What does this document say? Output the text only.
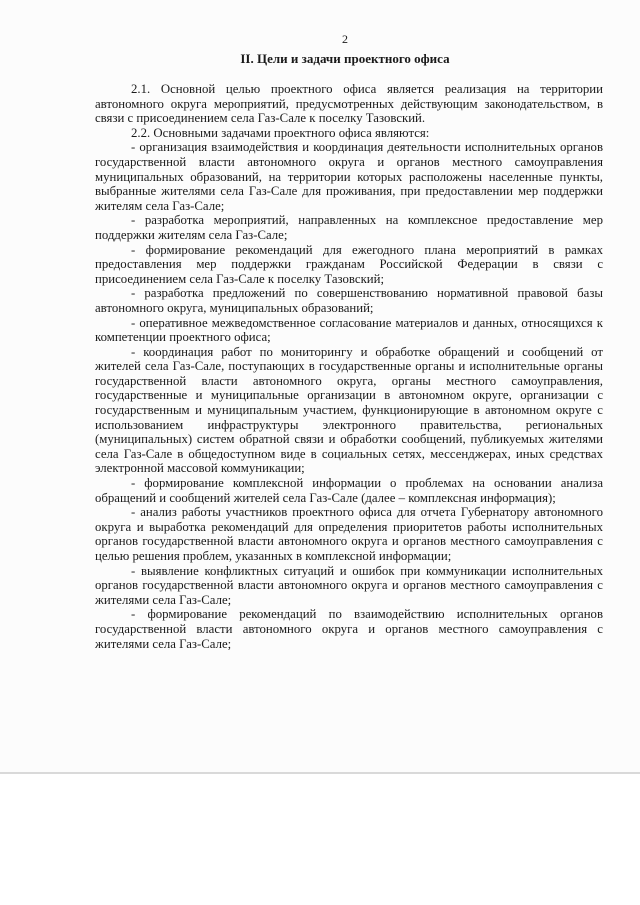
2
II. Цели и задачи проектного офиса

2.1. Основной целью проектного офиса является реализация на территории автономного округа мероприятий, предусмотренных действующим законодательством, в связи с присоединением села Газ-Сале к поселку Тазовский.

2.2. Основными задачами проектного офиса являются:

- организация взаимодействия и координация деятельности исполнительных органов государственной власти автономного округа и органов местного самоуправления муниципальных образований, на территории которых расположены населенные пункты, выбранные жителями села Газ-Сале для проживания, при предоставлении мер поддержки жителям села Газ-Сале;

- разработка мероприятий, направленных на комплексное предоставление мер поддержки жителям села Газ-Сале;

- формирование рекомендаций для ежегодного плана мероприятий в рамках предоставления мер поддержки гражданам Российской Федерации в связи с присоединением села Газ-Сале к поселку Тазовский;

- разработка предложений по совершенствованию нормативной правовой базы автономного округа, муниципальных образований;

- оперативное межведомственное согласование материалов и данных, относящихся к компетенции проектного офиса;

- координация работ по мониторингу и обработке обращений и сообщений от жителей села Газ-Сале, поступающих в государственные органы и исполнительные органы государственной власти автономного округа, органы местного самоуправления, государственные и муниципальные организации в автономном округе, организации с государственным и муниципальным участием, функционирующие в автономном округе с использованием инфраструктуры электронного правительства, региональных (муниципальных) систем обратной связи и обработки сообщений, публикуемых жителями села Газ-Сале в общедоступном виде в социальных сетях, мессенджерах, иных средствах электронной массовой коммуникации;

- формирование комплексной информации о проблемах на основании анализа обращений и сообщений жителей села Газ-Сале (далее – комплексная информация);

- анализ работы участников проектного офиса для отчета Губернатору автономного округа и выработка рекомендаций для определения приоритетов работы исполнительных органов государственной власти автономного округа и органов местного самоуправления с целью решения проблем, указанных в комплексной информации;

- выявление конфликтных ситуаций и ошибок при коммуникации исполнительных органов государственной власти автономного округа и органов местного самоуправления с жителями села Газ-Сале;

- формирование рекомендаций по взаимодействию исполнительных органов государственной власти автономного округа и органов местного самоуправления с жителями села Газ-Сале;
